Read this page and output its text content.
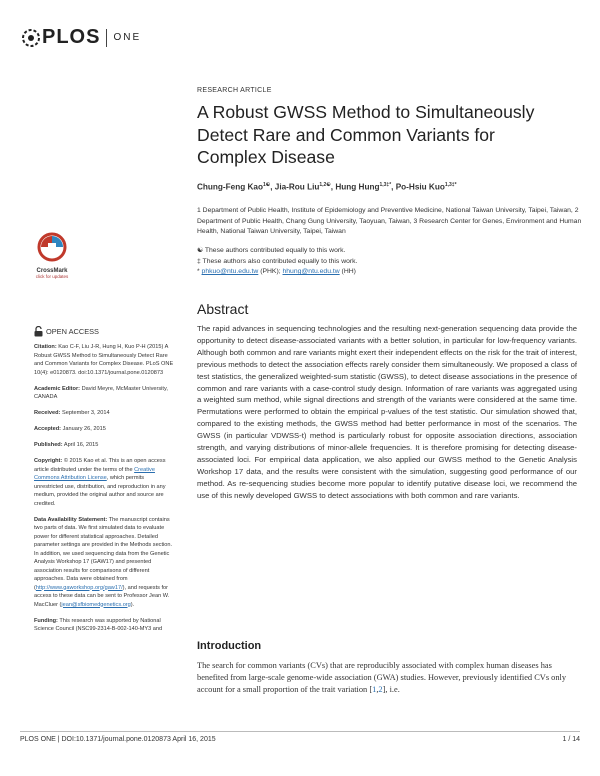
PLOS ONE
RESEARCH ARTICLE
A Robust GWSS Method to Simultaneously Detect Rare and Common Variants for Complex Disease
Chung-Feng Kao$^{1☯}$, Jia-Rou Liu$^{1,2☯}$, Hung Hung$^{1,3\ddagger*}$, Po-Hsiu Kuo$^{1,3\ddagger*}$
1 Department of Public Health, Institute of Epidemiology and Preventive Medicine, National Taiwan University, Taipei, Taiwan, 2 Department of Public Health, Chang Gung University, Taoyuan, Taiwan, 3 Research Center for Genes, Environment and Human Health, National Taiwan University, Taipei, Taiwan
☯ These authors contributed equally to this work.
‡ These authors also contributed equally to this work.
* phkuo@ntu.edu.tw (PHK); hhung@ntu.edu.tw (HH)
CrossMark
click for updates
OPEN ACCESS

Citation: Kao C-F, Liu J-R, Hung H, Kuo P-H (2015) A Robust GWSS Method to Simultaneously Detect Rare and Common Variants for Complex Disease. PLoS ONE 10(4): e0120873. doi:10.1371/journal.pone.0120873

Academic Editor: David Meyre, McMaster University, CANADA

Received: September 3, 2014

Accepted: January 26, 2015

Published: April 16, 2015

Copyright: © 2015 Kao et al. This is an open access article distributed under the terms of the Creative Commons Attribution License, which permits unrestricted use, distribution, and reproduction in any medium, provided the original author and source are credited.

Data Availability Statement: The manuscript contains two parts of data. We first simulated data to evaluate power for different statistical approaches. Detailed parameter settings are provided in the Methods section. In addition, we used sequencing data from the Genetic Analysis Workshop 17 (GAW17) and presented association results for comparisons of different approaches. Data were obtained from (http://www.gaworkshop.org/gaw17/), and requests for access to these data can be sent to Professor Jean W. MacCluer (jean@sfbiomedgenetics.org).

Funding: This research was supported by National Science Council (NSC99-2314-B-002-140-MY3 and

Abstract
The rapid advances in sequencing technologies and the resulting next-generation sequencing data provide the opportunity to detect disease-associated variants with a better solution, in particular for low-frequency variants. Although both common and rare variants might exert their independent effects on the risk for the trait of interest, previous methods to detect the association effects rarely consider them simultaneously. We proposed a class of test statistics, the generalized weighted-sum statistic (GWSS), to detect disease associations in the presence of common and rare variants with a case-control study design. Information of rare variants was aggregated using a weighted sum method, while signal directions and strength of the variants were considered at the same time. Permutations were performed to obtain the empirical p-values of the test statistic. Our simulation showed that, compared to the existing methods, the GWSS method had better performance in most of the scenarios. The GWSS (in particular VDWSS-t) method is particularly robust for opposite association directions, association strength, and varying distributions of minor-allele frequencies. It is therefore promising for detecting disease-associated loci. For empirical data application, we also applied our GWSS method to the Genetic Analysis Workshop 17 data, and the results were consistent with the simulation, suggesting good performance of our method. As re-sequencing studies become more popular to identify putative disease loci, we recommend the use of this newly developed GWSS to detect associations with both common and rare variants.
Introduction
The search for common variants (CVs) that are reproducibly associated with complex human diseases has benefited from large-scale genome-wide association (GWA) studies. However, previously identified CVs only account for a small proportion of the trait variation [1,2], i.e.
PLOS ONE | DOI:10.1371/journal.pone.0120873 April 16, 2015	1 / 14
